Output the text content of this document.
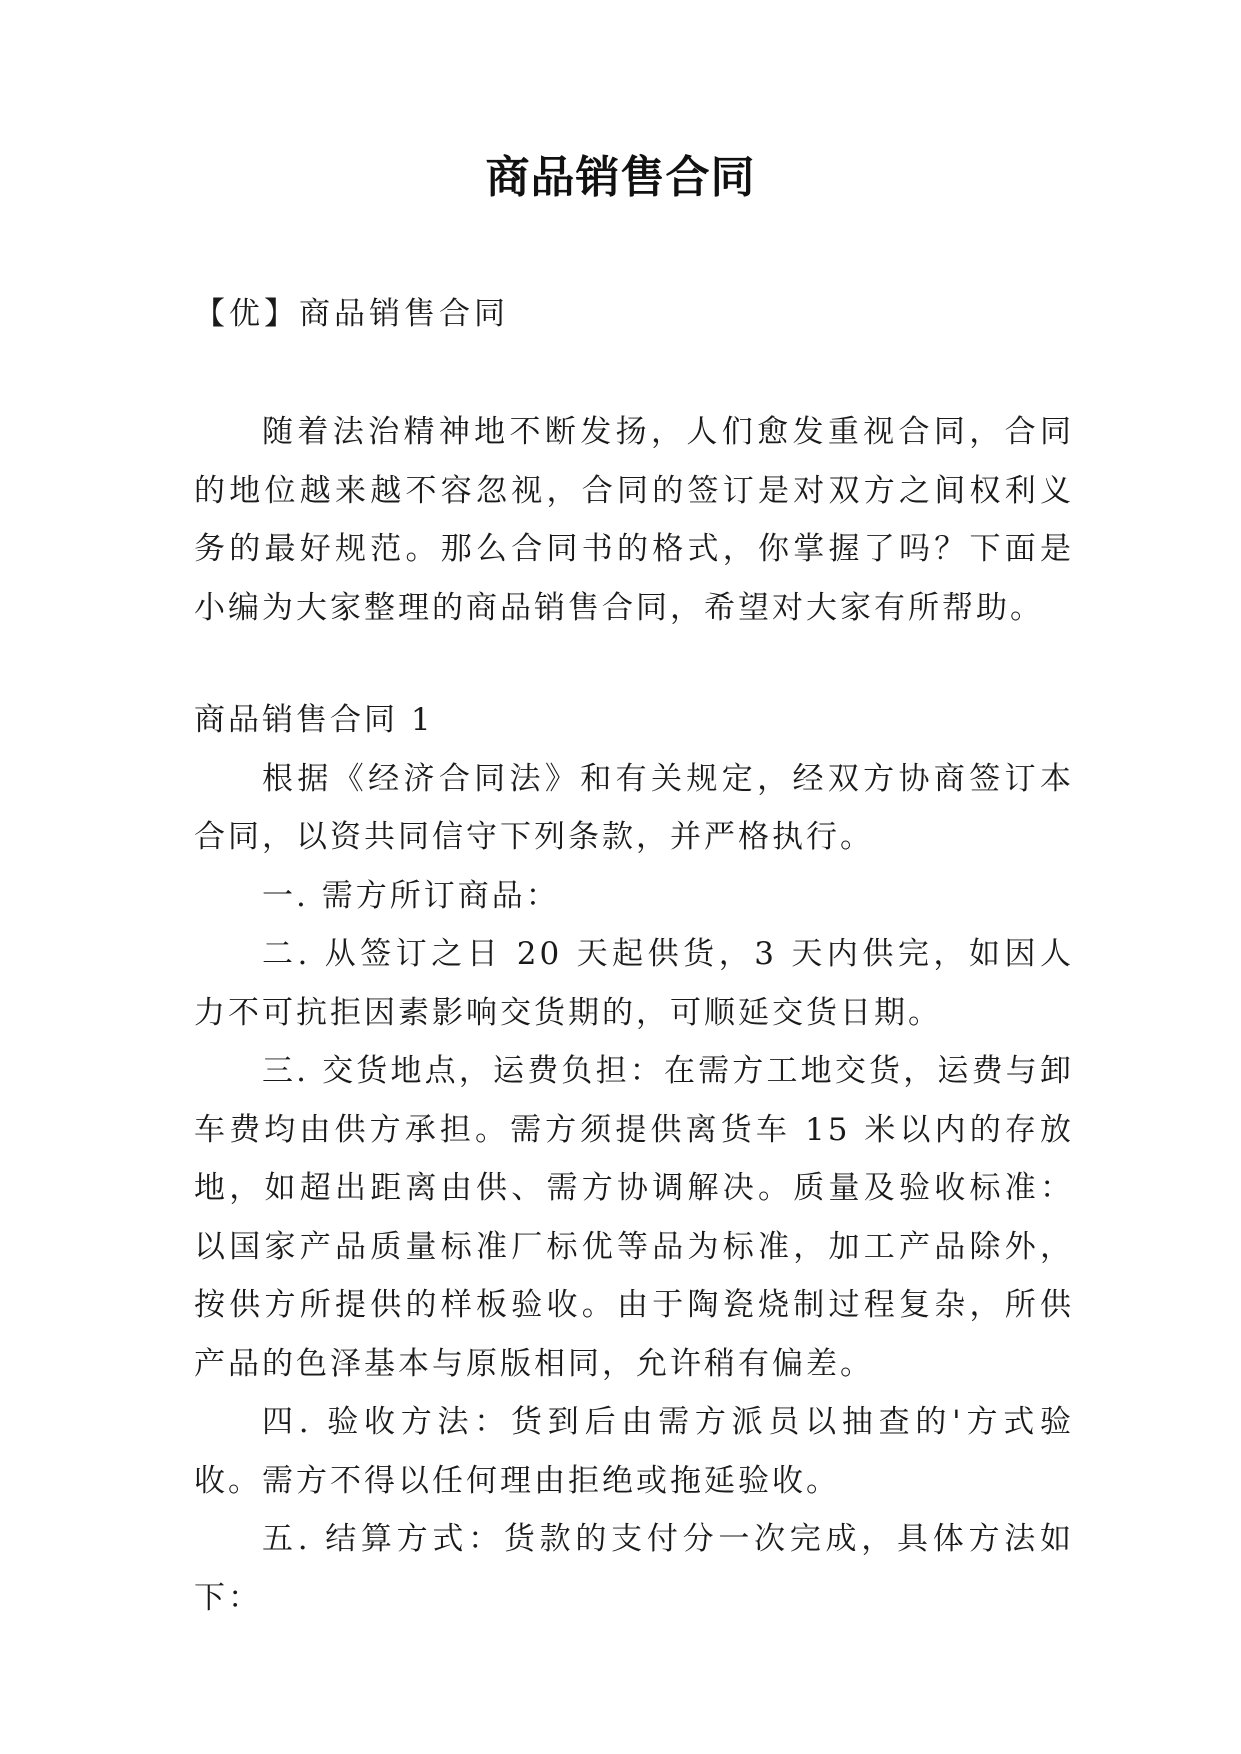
商品销售合同
【优】商品销售合同

随着法治精神地不断发扬，人们愈发重视合同，合同的地位越来越不容忽视，合同的签订是对双方之间权利义务的最好规范。那么合同书的格式，你掌握了吗？下面是小编为大家整理的商品销售合同，希望对大家有所帮助。

商品销售合同 1

根据《经济合同法》和有关规定，经双方协商签订本合同，以资共同信守下列条款，并严格执行。

一. 需方所订商品：

二. 从签订之日 20 天起供货，3 天内供完，如因人力不可抗拒因素影响交货期的，可顺延交货日期。

三. 交货地点，运费负担：在需方工地交货，运费与卸车费均由供方承担。需方须提供离货车 15 米以内的存放地，如超出距离由供、需方协调解决。质量及验收标准：以国家产品质量标准厂标优等品为标准，加工产品除外，按供方所提供的样板验收。由于陶瓷烧制过程复杂，所供产品的色泽基本与原版相同，允许稍有偏差。

四. 验收方法：货到后由需方派员以抽查的'方式验收。需方不得以任何理由拒绝或拖延验收。

五. 结算方式：货款的支付分一次完成，具体方法如下：
